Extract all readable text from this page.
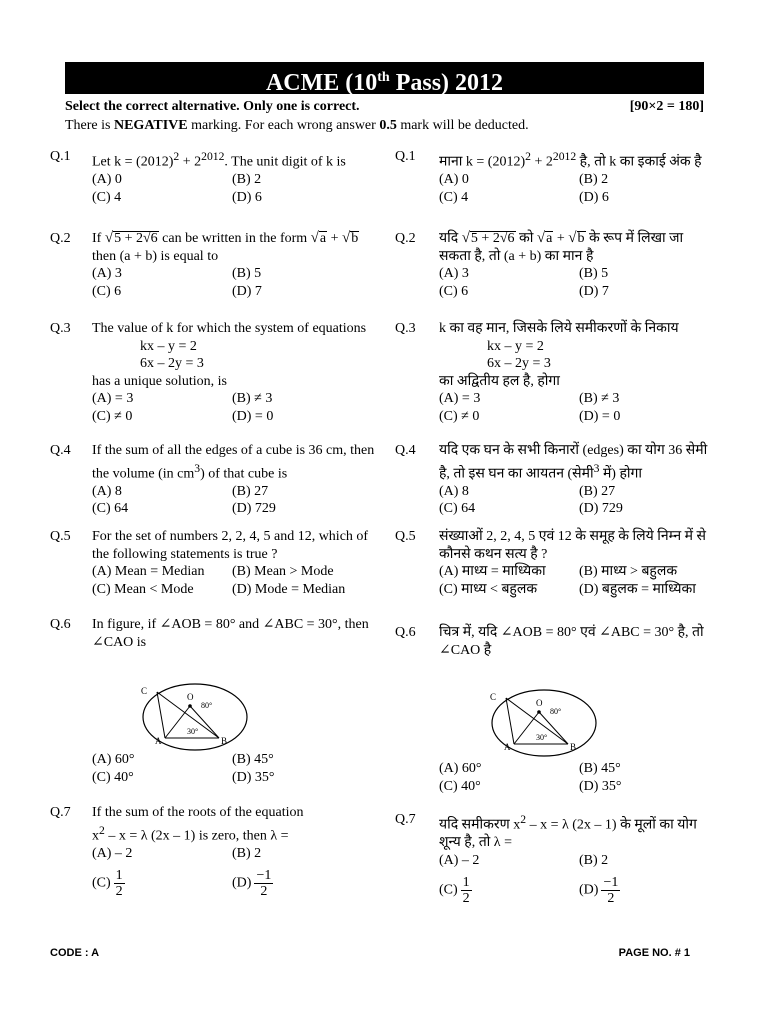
ACME (10th Pass) 2012
Select the correct alternative. Only one is correct.	[90×2 = 180]
There is NEGATIVE marking. For each wrong answer 0.5 mark will be deducted.
Q.1 Let $k = (2012)^2 + 2^{2012}$. The unit digit of k is
(A) 0	(B) 2
(C) 4	(D) 6
Q.1 माना $k = (2012)^2 + 2^{2012}$ है, तो k का इकाई अंक है
(A) 0	(B) 2
(C) 4	(D) 6
Q.2 If √5 + 2√6 can be written in the form √a + √b
then (a + b) is equal to
(A) 3	(B) 5
(C) 6	(D) 7
Q.2 यदि √5 + 2√6 को √a + √b के रूप में लिखा जा
सकता है, तो (a + b) का मान है
(A) 3	(B) 5
(C) 6	(D) 7
Q.3 The value of k for which the system of equations
kx – y = 2
6x – 2y = 3
has a unique solution, is
(A) = 3	(B) ≠ 3
(C) ≠ 0	(D) = 0
Q.3 k का वह मान, जिसके लिये समीकरणों के निकाय
kx – y = 2
6x – 2y = 3
का अद्वितीय हल है, होगा
(A) = 3	(B) ≠ 3
(C) ≠ 0	(D) = 0
Q.4 If the sum of all the edges of a cube is 36 cm, then
the volume (in $cm^3$) of that cube is
(A) 8	(B) 27
(C) 64	(D) 729
Q.4 यदि एक घन के सभी किनारों (edges) का योग 36 सेमी
है, तो इस घन का आयतन (सेमी$^3$ में) होगा
(A) 8	(B) 27
(C) 64	(D) 729
Q.5 For the set of numbers 2, 2, 4, 5 and 12, which of
the following statements is true ?
(A) Mean = Median (B) Mean > Mode
(C) Mean < Mode	(D) Mode = Median
Q.5 संख्याओं 2, 2, 4, 5 एवं 12 के समूह के लिये निम्न में से
कौनसे कथन सत्य है ?
(A) माध्य = माध्यिका (B) माध्य > बहुलक
(C) माध्य < बहुलक	(D) बहुलक = माध्यिका
Q.6 In figure, if ∠AOB = 80° and ∠ABC = 30°, then
∠CAO is
C
O
80°
30°
A	B
(A) 60°	(B) 45°
(C) 40°	(D) 35°
Q.6 चित्र में, यदि ∠AOB = 80° एवं ∠ABC = 30° है, तो
∠CAO है
C
O
80°
30°
A	B
(A) 60°	(B) 45°
(C) 40°	(D) 35°
Q.7 If the sum of the roots of the equation
$x^2 - x = \lambda$ (2x – 1) is zero, then λ =
(A) – 2	(B) 2
$(C) \frac{1}{2}$	$(D) \frac{-1}{2}$
Q.7 यदि समीकरण $x^2 - x = \lambda$ (2x – 1) के मूलों का योग
शून्य है, तो λ =
(A) – 2	(B) 2
$(C) \frac{1}{2}$	$(D) \frac{-1}{2}$
CODE : A	PAGE NO. # 1
